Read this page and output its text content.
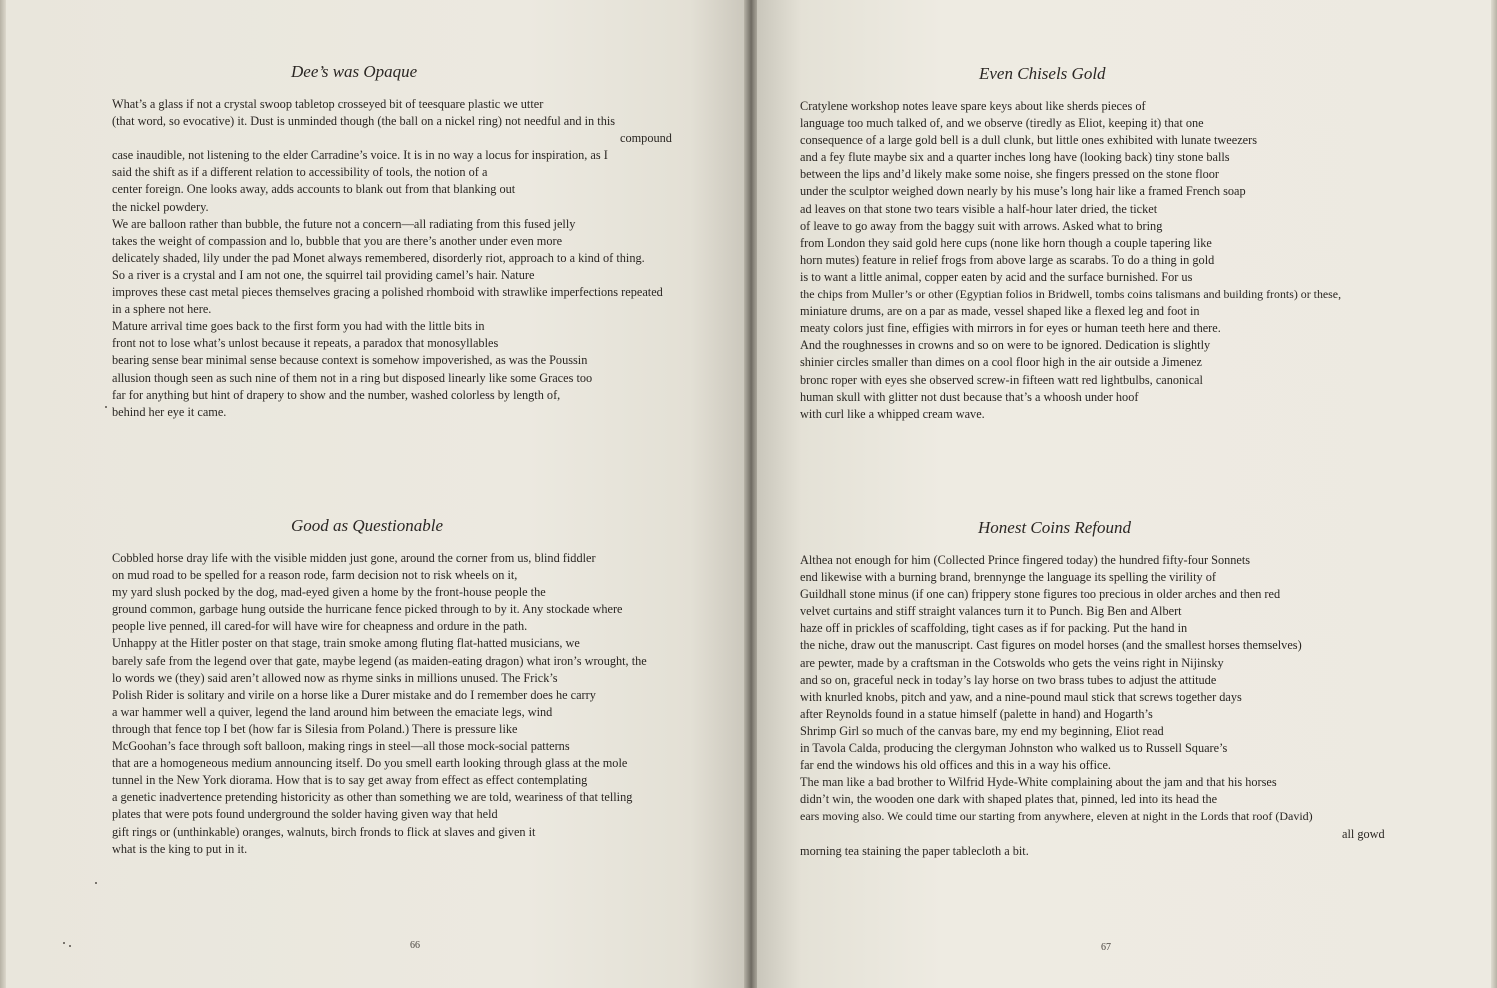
Dee’s was Opaque
What’s a glass if not a crystal swoop tabletop crosseyed bit of teesquare plastic we utter
(that word, so evocative) it. Dust is unminded though (the ball on a nickel ring) not needful and in this
compound
case inaudible, not listening to the elder Carradine’s voice. It is in no way a locus for inspiration, as I
said the shift as if a different relation to accessibility of tools, the notion of a
center foreign. One looks away, adds accounts to blank out from that blanking out
the nickel powdery.
We are balloon rather than bubble, the future not a concern—all radiating from this fused jelly
takes the weight of compassion and lo, bubble that you are there’s another under even more
delicately shaded, lily under the pad Monet always remembered, disorderly riot, approach to a kind of thing.
So a river is a crystal and I am not one, the squirrel tail providing camel’s hair. Nature
improves these cast metal pieces themselves gracing a polished rhomboid with strawlike imperfections repeated
in a sphere not here.
Mature arrival time goes back to the first form you had with the little bits in
front not to lose what’s unlost because it repeats, a paradox that monosyllables
bearing sense bear minimal sense because context is somehow impoverished, as was the Poussin
allusion though seen as such nine of them not in a ring but disposed linearly like some Graces too
far for anything but hint of drapery to show and the number, washed colorless by length of,
behind her eye it came.
Good as Questionable
Cobbled horse dray life with the visible midden just gone, around the corner from us, blind fiddler
on mud road to be spelled for a reason rode, farm decision not to risk wheels on it,
my yard slush pocked by the dog, mad-eyed given a home by the front-house people the
ground common, garbage hung outside the hurricane fence picked through to by it. Any stockade where
people live penned, ill cared-for will have wire for cheapness and ordure in the path.
Unhappy at the Hitler poster on that stage, train smoke among fluting flat-hatted musicians, we
barely safe from the legend over that gate, maybe legend (as maiden-eating dragon) what iron’s wrought, the
lo words we (they) said aren’t allowed now as rhyme sinks in millions unused. The Frick’s
Polish Rider is solitary and virile on a horse like a Durer mistake and do I remember does he carry
a war hammer well a quiver, legend the land around him between the emaciate legs, wind
through that fence top I bet (how far is Silesia from Poland.) There is pressure like
McGoohan’s face through soft balloon, making rings in steel—all those mock-social patterns
that are a homogeneous medium announcing itself. Do you smell earth looking through glass at the mole
tunnel in the New York diorama. How that is to say get away from effect as effect contemplating
a genetic inadvertence pretending historicity as other than something we are told, weariness of that telling
plates that were pots found underground the solder having given way that held
gift rings or (unthinkable) oranges, walnuts, birch fronds to flick at slaves and given it
what is the king to put in it.
66
Even Chisels Gold
Cratylene workshop notes leave spare keys about like sherds pieces of
language too much talked of, and we observe (tiredly as Eliot, keeping it) that one
consequence of a large gold bell is a dull clunk, but little ones exhibited with lunate tweezers
and a fey flute maybe six and a quarter inches long have (looking back) tiny stone balls
between the lips and’d likely make some noise, she fingers pressed on the stone floor
under the sculptor weighed down nearly by his muse’s long hair like a framed French soap
ad leaves on that stone two tears visible a half-hour later dried, the ticket
of leave to go away from the baggy suit with arrows. Asked what to bring
from London they said gold here cups (none like horn though a couple tapering like
horn mutes) feature in relief frogs from above large as scarabs. To do a thing in gold
is to want a little animal, copper eaten by acid and the surface burnished. For us
the chips from Muller’s or other (Egyptian folios in Bridwell, tombs coins talismans and building fronts) or these,
miniature drums, are on a par as made, vessel shaped like a flexed leg and foot in
meaty colors just fine, effigies with mirrors in for eyes or human teeth here and there.
And the roughnesses in crowns and so on were to be ignored. Dedication is slightly
shinier circles smaller than dimes on a cool floor high in the air outside a Jimenez
bronc roper with eyes she observed screw-in fifteen watt red lightbulbs, canonical
human skull with glitter not dust because that’s a whoosh under hoof
with curl like a whipped cream wave.
Honest Coins Refound
Althea not enough for him (Collected Prince fingered today) the hundred fifty-four Sonnets
end likewise with a burning brand, brennynge the language its spelling the virility of
Guildhall stone minus (if one can) frippery stone figures too precious in older arches and then red
velvet curtains and stiff straight valances turn it to Punch. Big Ben and Albert
haze off in prickles of scaffolding, tight cases as if for packing. Put the hand in
the niche, draw out the manuscript. Cast figures on model horses (and the smallest horses themselves)
are pewter, made by a craftsman in the Cotswolds who gets the veins right in Nijinsky
and so on, graceful neck in today’s lay horse on two brass tubes to adjust the attitude
with knurled knobs, pitch and yaw, and a nine-pound maul stick that screws together days
after Reynolds found in a statue himself (palette in hand) and Hogarth’s
Shrimp Girl so much of the canvas bare, my end my beginning, Eliot read
in Tavola Calda, producing the clergyman Johnston who walked us to Russell Square’s
far end the windows his old offices and this in a way his office.
The man like a bad brother to Wilfrid Hyde-White complaining about the jam and that his horses
didn’t win, the wooden one dark with shaped plates that, pinned, led into its head the
ears moving also. We could time our starting from anywhere, eleven at night in the Lords that roof (David)
all gowd
morning tea staining the paper tablecloth a bit.
67
